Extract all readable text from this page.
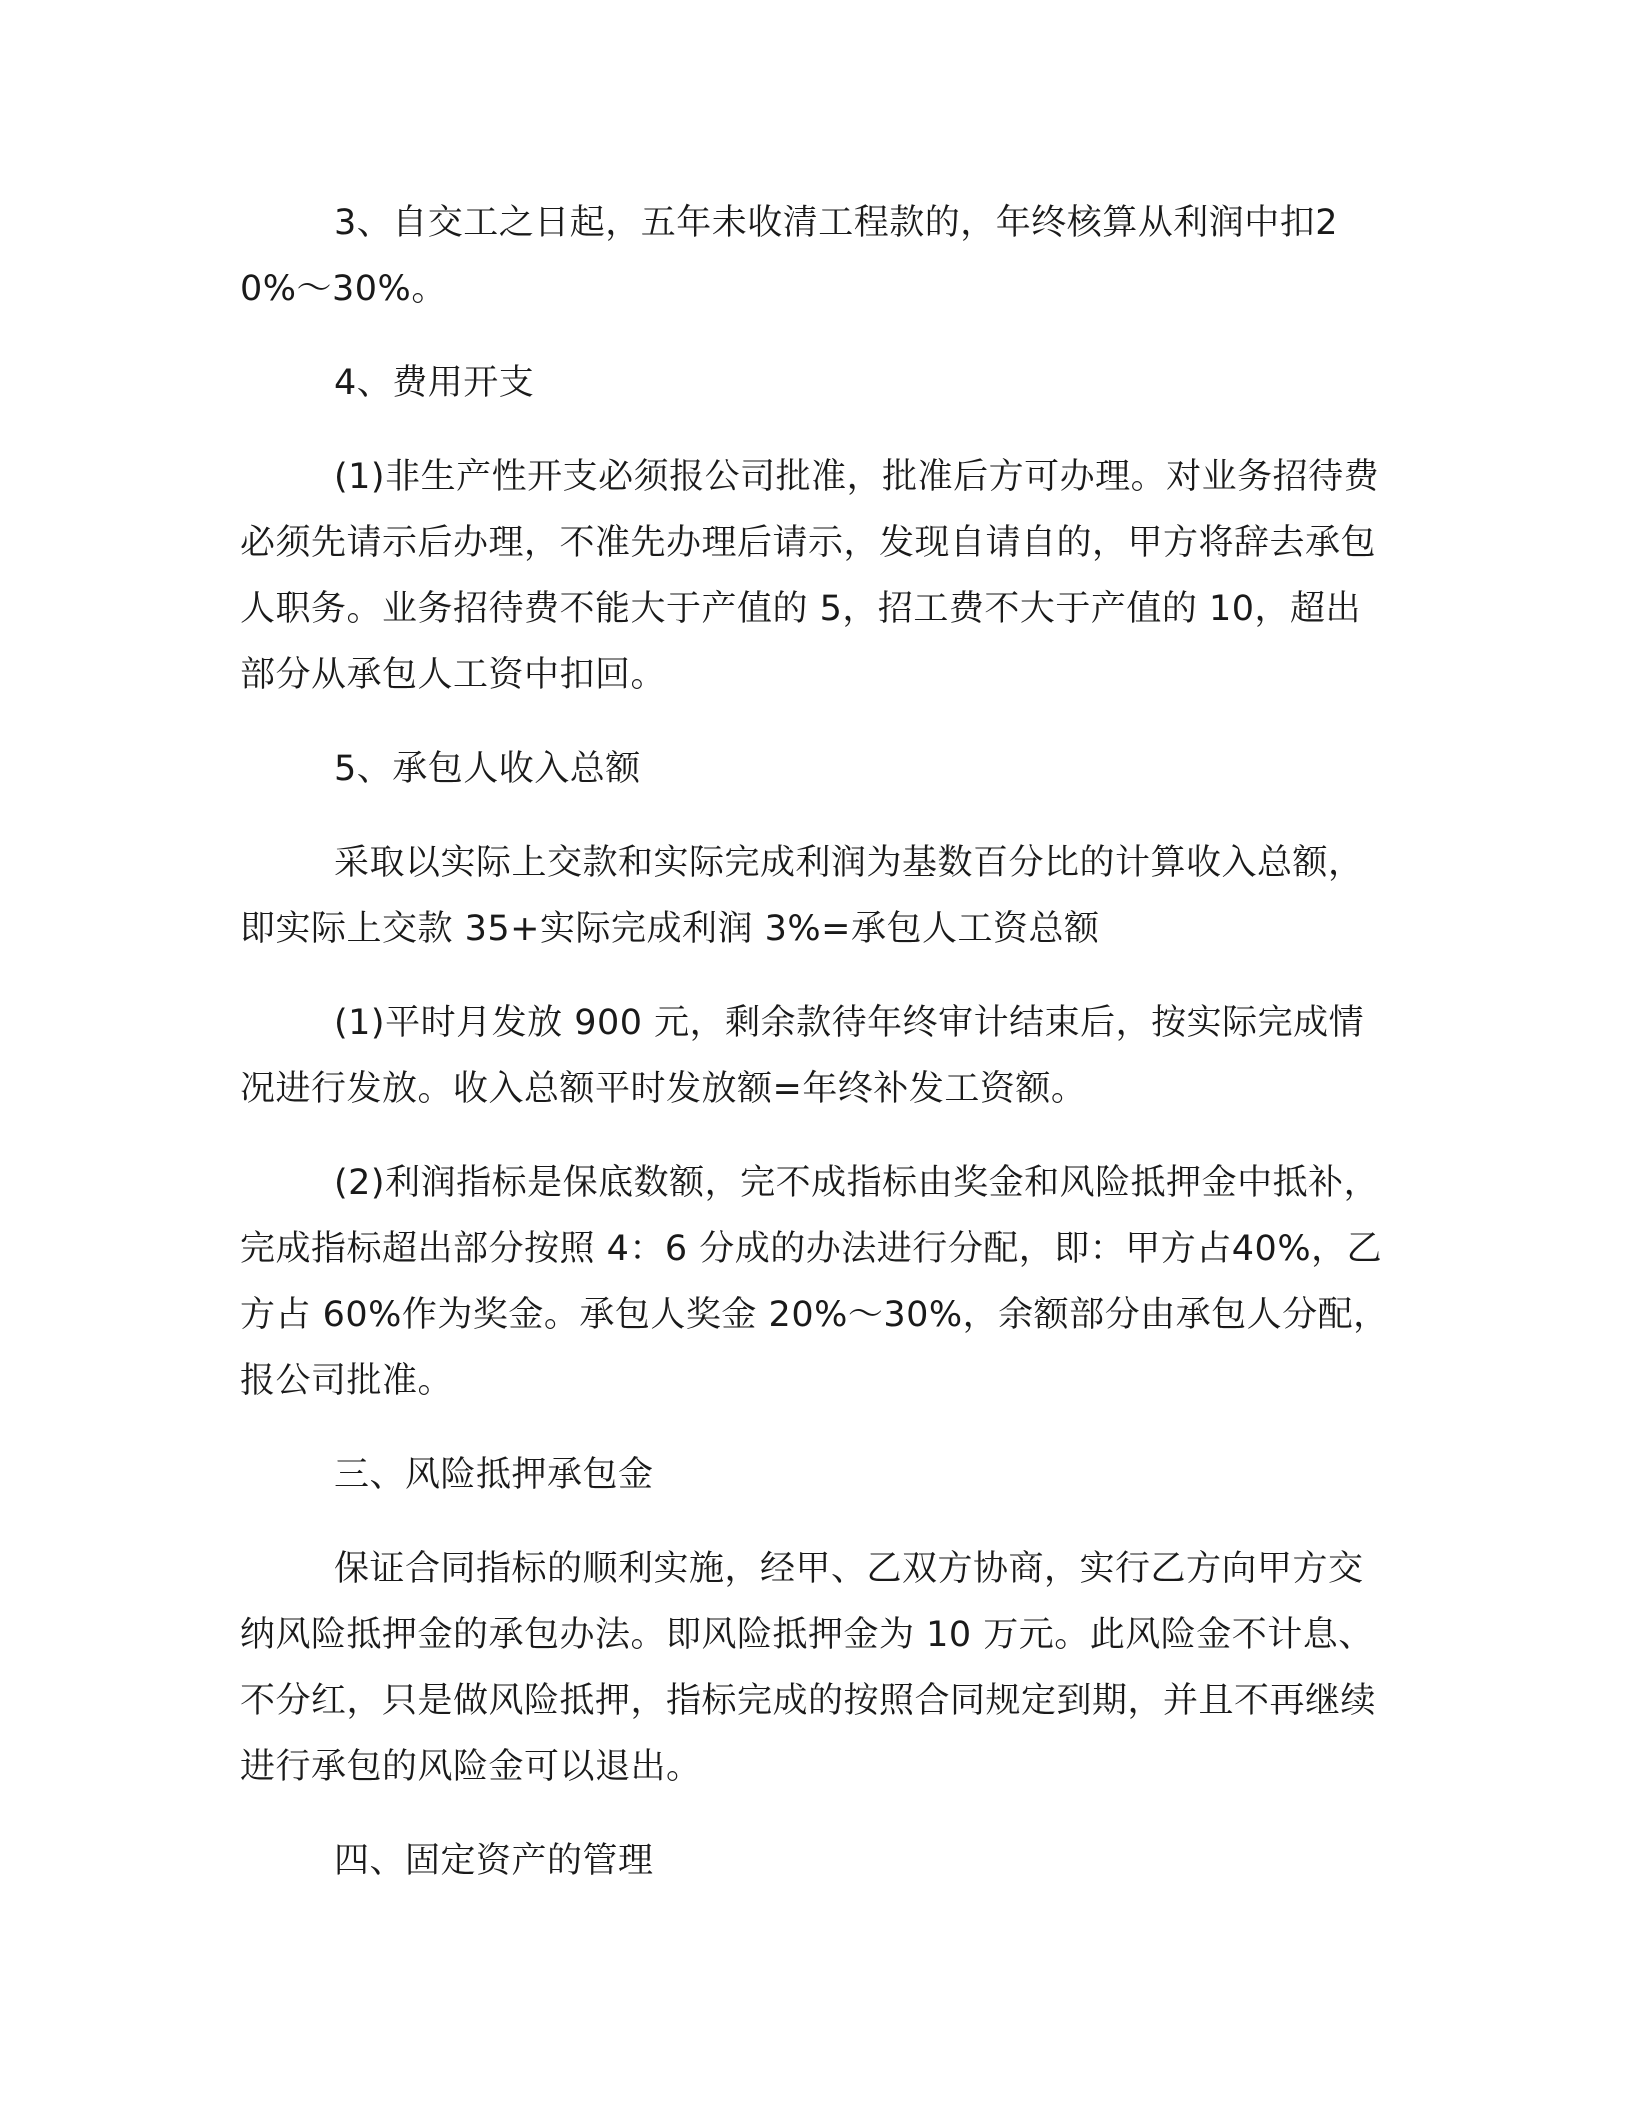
3、自交工之日起，五年未收清工程款的，年终核算从利润中扣20%～30%。

4、费用开支

(1)非生产性开支必须报公司批准，批准后方可办理。对业务招待费必须先请示后办理，不准先办理后请示，发现自请自的，甲方将辞去承包人职务。业务招待费不能大于产值的 5，招工费不大于产值的 10，超出部分从承包人工资中扣回。

5、承包人收入总额

采取以实际上交款和实际完成利润为基数百分比的计算收入总额，即实际上交款 35+实际完成利润 3%=承包人工资总额

(1)平时月发放 900 元，剩余款待年终审计结束后，按实际完成情况进行发放。收入总额平时发放额=年终补发工资额。

(2)利润指标是保底数额，完不成指标由奖金和风险抵押金中抵补，完成指标超出部分按照 4：6 分成的办法进行分配，即：甲方占40%，乙方占 60%作为奖金。承包人奖金 20%～30%，余额部分由承包人分配，报公司批准。

三、风险抵押承包金

保证合同指标的顺利实施，经甲、乙双方协商，实行乙方向甲方交纳风险抵押金的承包办法。即风险抵押金为 10 万元。此风险金不计息、不分红，只是做风险抵押，指标完成的按照合同规定到期，并且不再继续进行承包的风险金可以退出。

四、固定资产的管理
